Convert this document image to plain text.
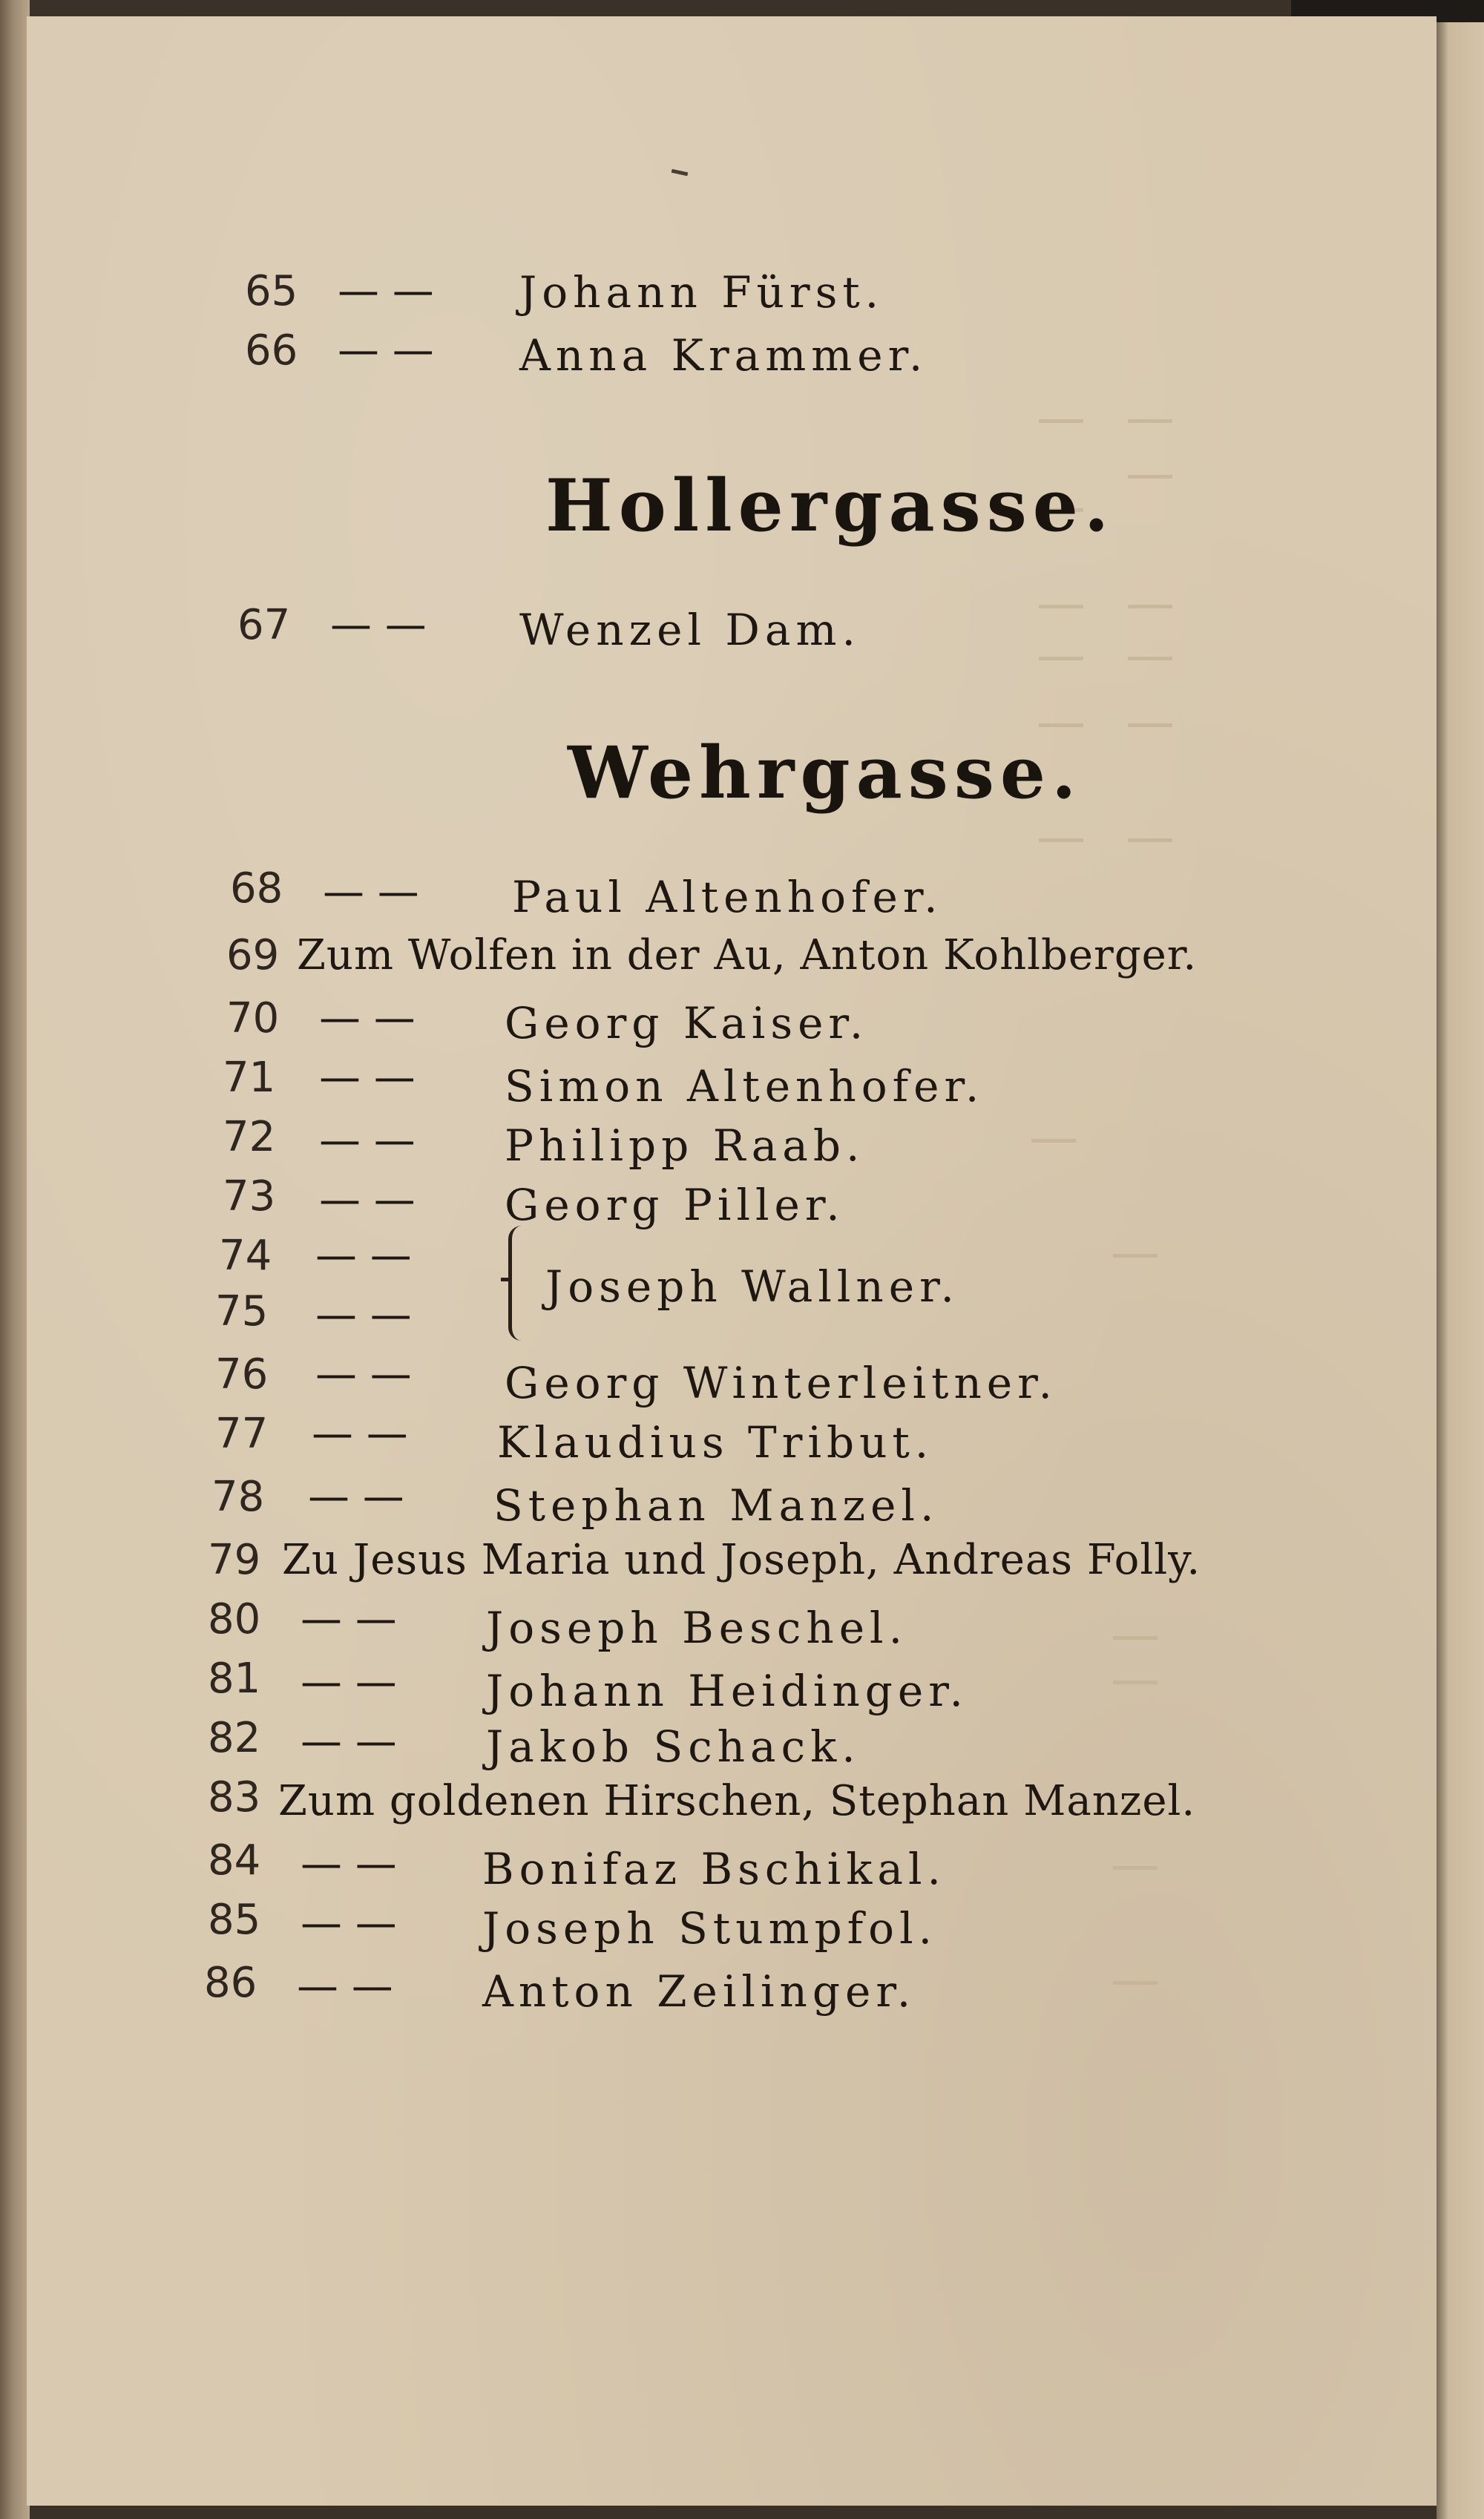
65 — — Johann Fürst.
66 — — Anna Krammer.
Hollergasse.
67 — — Wenzel Dam.
Wehrgasse.
68 — — Paul Altenhofer.
69 Zum Wolfen in der Au, Anton Kohlberger.
70 — — Georg Kaiser.
71 — — Simon Altenhofer.
72 — — Philipp Raab.
73 — — Georg Piller.
74 — —
75 — —
Joseph Wallner.
76 — — Georg Winterleitner.
77 — — Klaudius Tribut.
78 — — Stephan Manzel.
79 Zu Jesus Maria und Joseph, Andreas Folly.
80 — — Joseph Beschel.
81 — — Johann Heidinger.
82 — — Jakob Schack.
83 Zum goldenen Hirschen, Stephan Manzel.
84 — — Bonifaz Bschikal.
85 — — Joseph Stumpfol.
86 — — Anton Zeilinger.
